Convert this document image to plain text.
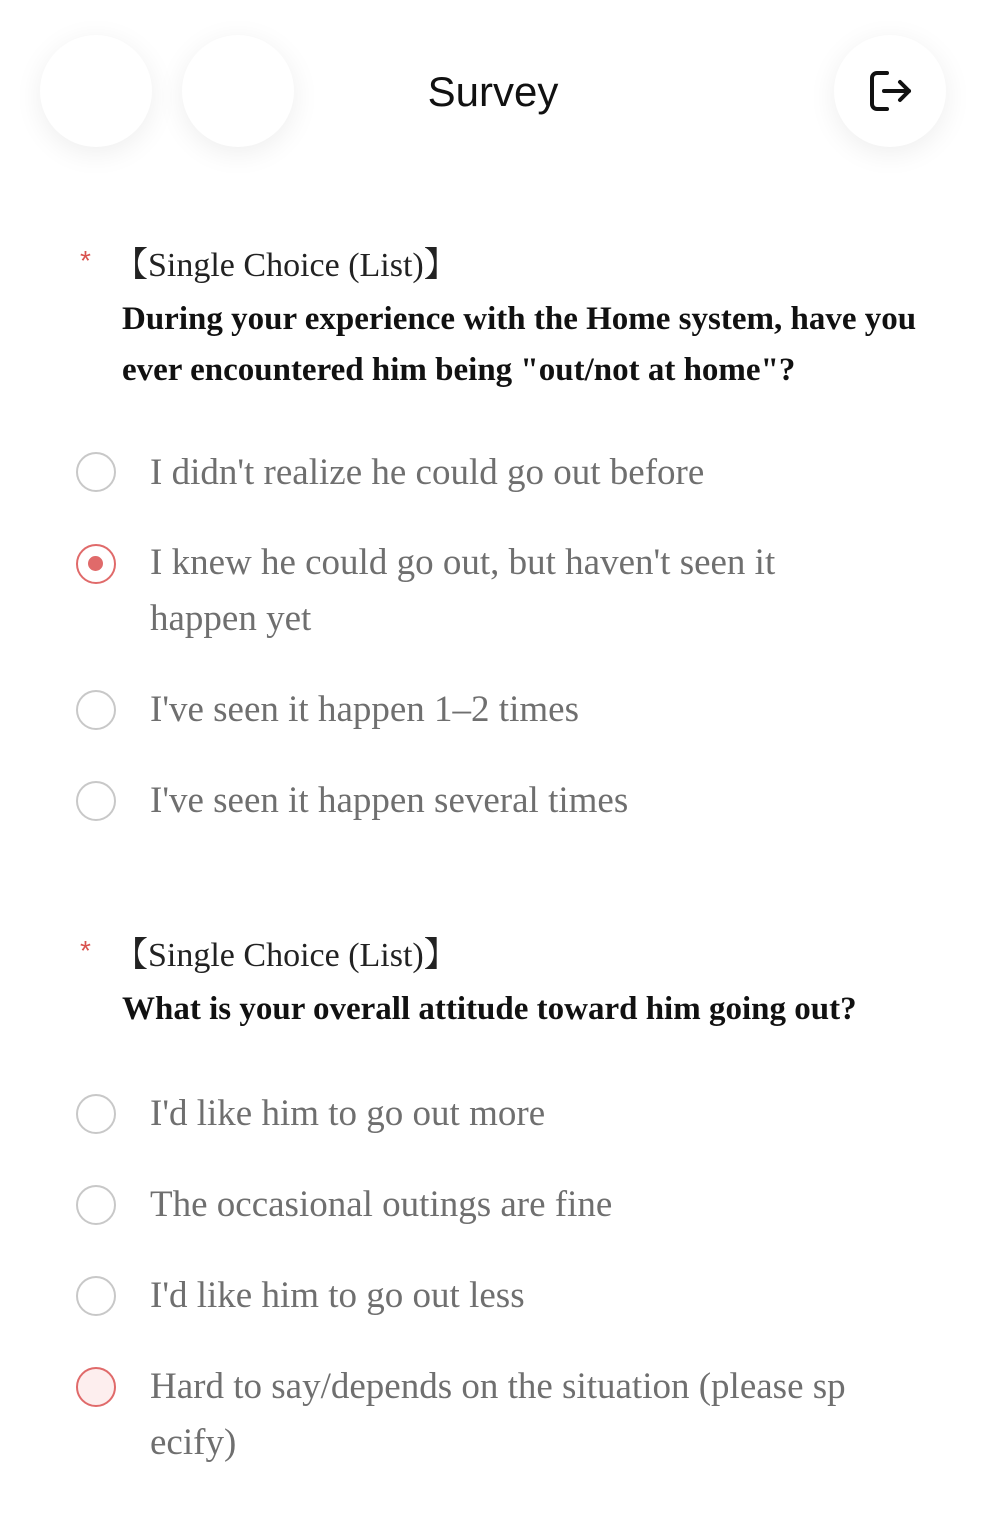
Survey
* 【Single Choice (List)】
During your experience with the Home system, have you ever encountered him being "out/not at home"?
I didn't realize he could go out before
I knew he could go out, but haven't seen it happen yet
I've seen it happen 1–2 times
I've seen it happen several times
* 【Single Choice (List)】
What is your overall attitude toward him going out?
I'd like him to go out more
The occasional outings are fine
I'd like him to go out less
Hard to say/depends on the situation (please specify)
